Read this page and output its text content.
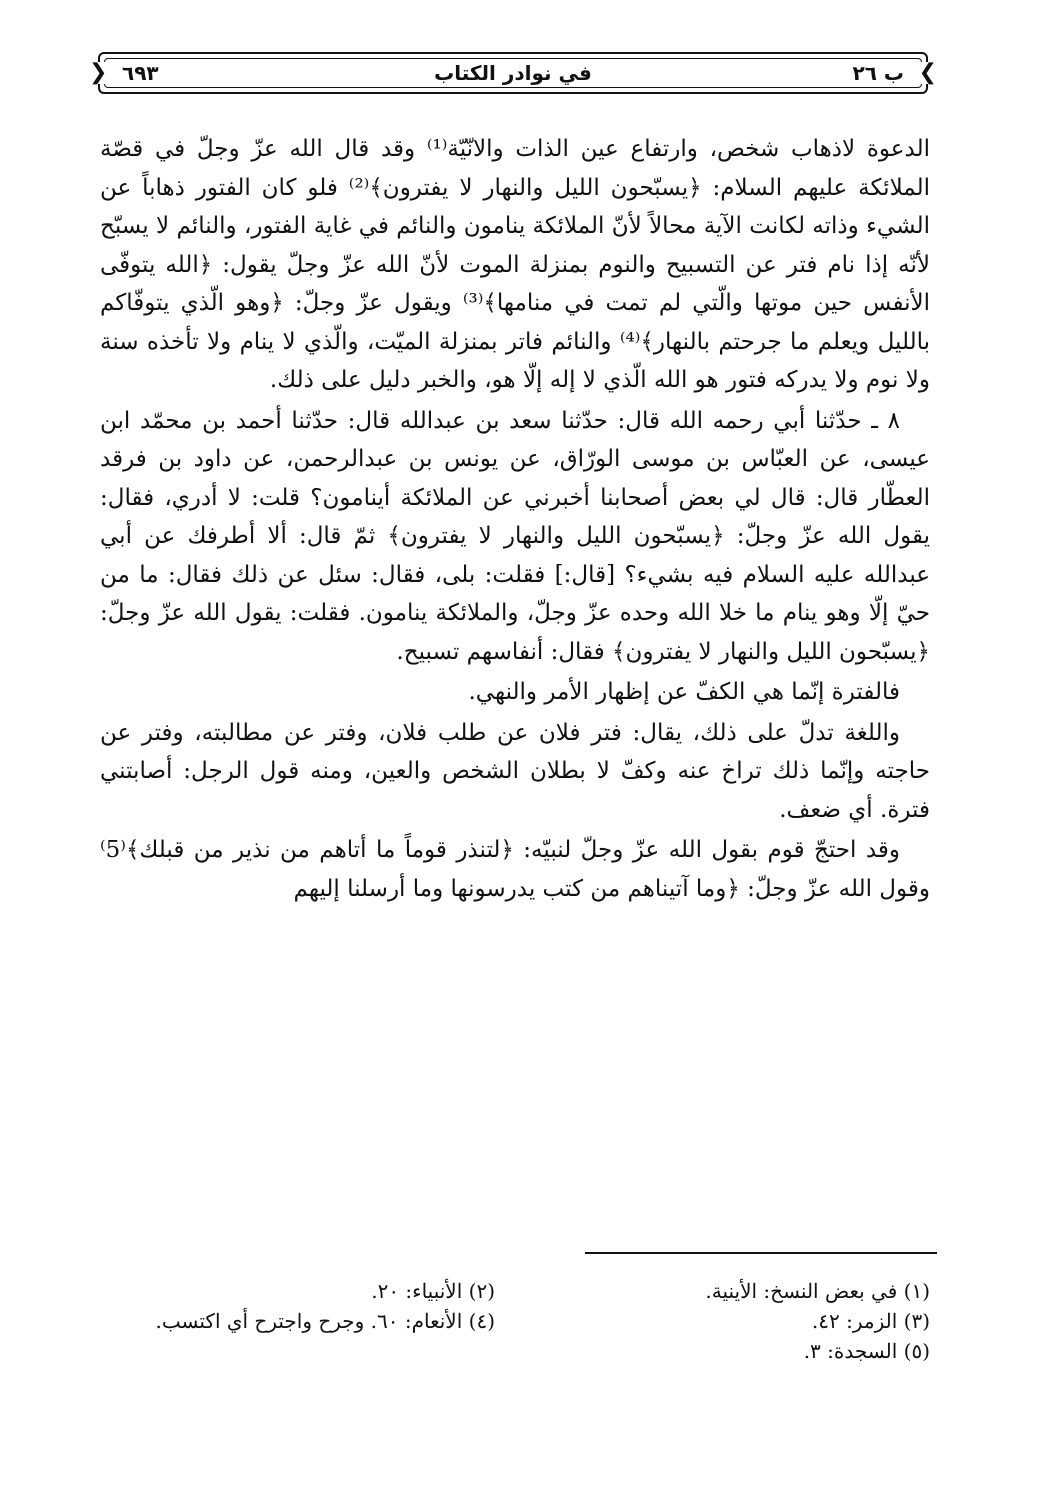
❯
ب ٢٦
في نوادر الكتاب
٦٩٣
❮

الدعوة لاذهاب شخص، وارتفاع عين الذات والانّيّة⁽¹⁾ وقد قال الله عزّ وجلّ في قصّة الملائكة عليهم السلام: ﴿يسبّحون الليل والنهار لا يفترون﴾⁽²⁾ فلو كان الفتور ذهاباً عن الشيء وذاته لكانت الآية محالاً لأنّ الملائكة ينامون والنائم في غاية الفتور، والنائم لا يسبّح لأنّه إذا نام فتر عن التسبيح والنوم بمنزلة الموت لأنّ الله عزّ وجلّ يقول: ﴿الله يتوفّى الأنفس حين موتها والّتي لم تمت في منامها﴾⁽³⁾ ويقول عزّ وجلّ: ﴿وهو الّذي يتوفّاكم بالليل ويعلم ما جرحتم بالنهار﴾⁽⁴⁾ والنائم فاتر بمنزلة الميّت، والّذي لا ينام ولا تأخذه سنة ولا نوم ولا يدركه فتور هو الله الّذي لا إله إلّا هو، والخبر دليل على ذلك.

٨ ـ حدّثنا أبي رحمه الله قال: حدّثنا سعد بن عبدالله قال: حدّثنا أحمد بن محمّد ابن عيسى، عن العبّاس بن موسى الورّاق، عن يونس بن عبدالرحمن، عن داود بن فرقد العطّار قال: قال لي بعض أصحابنا أخبرني عن الملائكة أينامون؟ قلت: لا أدري، فقال: يقول الله عزّ وجلّ: ﴿يسبّحون الليل والنهار لا يفترون﴾ ثمّ قال: ألا أطرفك عن أبي عبدالله عليه السلام فيه بشيء؟ [قال:] فقلت: بلى، فقال: سئل عن ذلك فقال: ما من حيّ إلّا وهو ينام ما خلا الله وحده عزّ وجلّ، والملائكة ينامون. فقلت: يقول الله عزّ وجلّ: ﴿يسبّحون الليل والنهار لا يفترون﴾ فقال: أنفاسهم تسبيح.

فالفترة إنّما هي الكفّ عن إظهار الأمر والنهي.

واللغة تدلّ على ذلك، يقال: فتر فلان عن طلب فلان، وفتر عن مطالبته، وفتر عن حاجته وإنّما ذلك تراخ عنه وكفّ لا بطلان الشخص والعين، ومنه قول الرجل: أصابتني فترة. أي ضعف.

وقد احتجّ قوم بقول الله عزّ وجلّ لنبيّه: ﴿لتنذر قوماً ما أتاهم من نذير من قبلك﴾⁽5⁾ وقول الله عزّ وجلّ: ﴿وما آتيناهم من كتب يدرسونها وما أرسلنا إليهم

(١) في بعض النسخ: الأينية.
(٢) الأنبياء: ٢٠.
(٣) الزمر: ٤٢.
(٤) الأنعام: ٦٠. وجرح واجترح أي اكتسب.
(٥) السجدة: ٣.
